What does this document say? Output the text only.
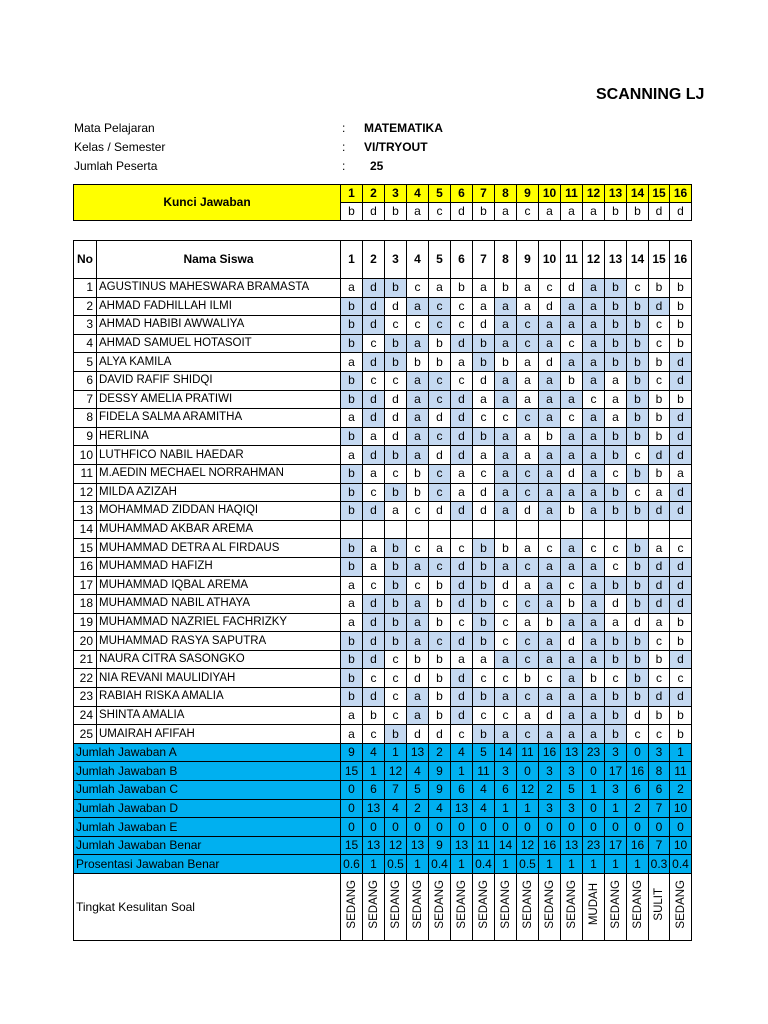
SCANNING LJ
Mata Pelajaran	: MATEMATIKA
Kelas / Semester	: VI/TRYOUT
Jumlah Peserta	: 25
Kunci Jawaban	1	2	3	4	5	6	7	8	9	10	11	12	13	14	15	16
	b	d	b	a	c	d	b	a	c	a	a	a	b	b	d	d
No	Nama Siswa	1	2	3	4	5	6	7	8	9	10	11	12	13	14	15	16
1	AGUSTINUS MAHESWARA BRAMASTA	a	d	b	c	a	b	a	b	a	c	d	a	b	c	b	b
2	AHMAD FADHILLAH ILMI	b	d	d	a	c	c	a	a	a	d	a	a	b	b	d	b
3	AHMAD HABIBI AWWALIYA	b	d	c	c	c	c	d	a	c	a	a	a	b	b	c	b
4	AHMAD SAMUEL HOTASOIT	b	c	b	a	b	d	b	a	c	a	c	a	b	b	c	b
5	ALYA KAMILA	a	d	b	b	b	a	b	b	a	d	a	a	b	b	b	d
6	DAVID RAFIF SHIDQI	b	c	c	a	c	c	d	a	a	a	b	a	a	b	c	d
7	DESSY AMELIA PRATIWI	b	d	d	a	c	d	a	a	a	a	a	c	a	b	b	b
8	FIDELA SALMA ARAMITHA	a	d	d	a	d	d	c	c	c	a	c	a	a	b	b	d
9	HERLINA	b	a	d	a	c	d	b	a	a	b	a	a	b	b	b	d
10	LUTHFICO NABIL HAEDAR	a	d	b	a	d	d	a	a	a	a	a	a	b	c	d	d
11	M.AEDIN MECHAEL NORRAHMAN	b	a	c	b	c	a	c	a	c	a	d	a	c	b	b	a
12	MILDA AZIZAH	b	c	b	b	c	a	d	a	c	a	a	a	b	c	a	d
13	MOHAMMAD ZIDDAN HAQIQI	b	d	a	c	d	d	d	a	d	a	b	a	b	b	d	d
14	MUHAMMAD AKBAR AREMA																
15	MUHAMMAD DETRA AL FIRDAUS	b	a	b	c	a	c	b	b	a	c	a	c	c	b	a	c
16	MUHAMMAD HAFIZH	b	a	b	a	c	d	b	a	c	a	a	a	c	b	d	d
17	MUHAMMAD IQBAL AREMA	a	c	b	c	b	d	b	d	a	a	c	a	b	b	d	d
18	MUHAMMAD NABIL ATHAYA	a	d	b	a	b	d	b	c	c	a	b	a	d	b	d	d
19	MUHAMMAD NAZRIEL FACHRIZKY	a	d	b	a	b	c	b	c	a	b	a	a	a	d	a	b
20	MUHAMMAD RASYA SAPUTRA	b	d	b	a	c	d	b	c	c	a	d	a	b	b	c	b
21	NAURA CITRA SASONGKO	b	d	c	b	b	a	a	a	c	a	a	a	b	b	b	d
22	NIA REVANI MAULIDIYAH	b	c	c	d	b	d	c	c	b	c	a	b	c	b	c	c
23	RABIAH RISKA AMALIA	b	d	c	a	b	d	b	a	c	a	a	a	b	b	d	d
24	SHINTA AMALIA	a	b	c	a	b	d	c	c	a	d	a	a	b	d	b	b
25	UMAIRAH AFIFAH	a	c	b	d	d	c	b	a	c	a	a	a	b	c	c	b
Jumlah Jawaban A		9	4	1	13	2	4	5	14	11	16	13	23	3	0	3	1
Jumlah Jawaban B		15	1	12	4	9	1	11	3	0	3	3	0	17	16	8	11
Jumlah Jawaban C		0	6	7	5	9	6	4	6	12	2	5	1	3	6	6	2
Jumlah Jawaban D		0	13	4	2	4	13	4	1	1	3	3	0	1	2	7	10
Jumlah Jawaban E		0	0	0	0	0	0	0	0	0	0	0	0	0	0	0	0
Jumlah Jawaban Benar		15	13	12	13	9	13	11	14	12	16	13	23	17	16	7	10
Prosentasi Jawaban Benar		0.6	1	0.5	1	0.4	1	0.4	1	0.5	1	1	1	1	1	0.3	0.4
Tingkat Kesulitan Soal		SEDANG	SEDANG	SEDANG	SEDANG	SEDANG	SEDANG	SEDANG	SEDANG	SEDANG	SEDANG	SEDANG	MUDAH	SEDANG	SEDANG	SULIT	SEDANG
